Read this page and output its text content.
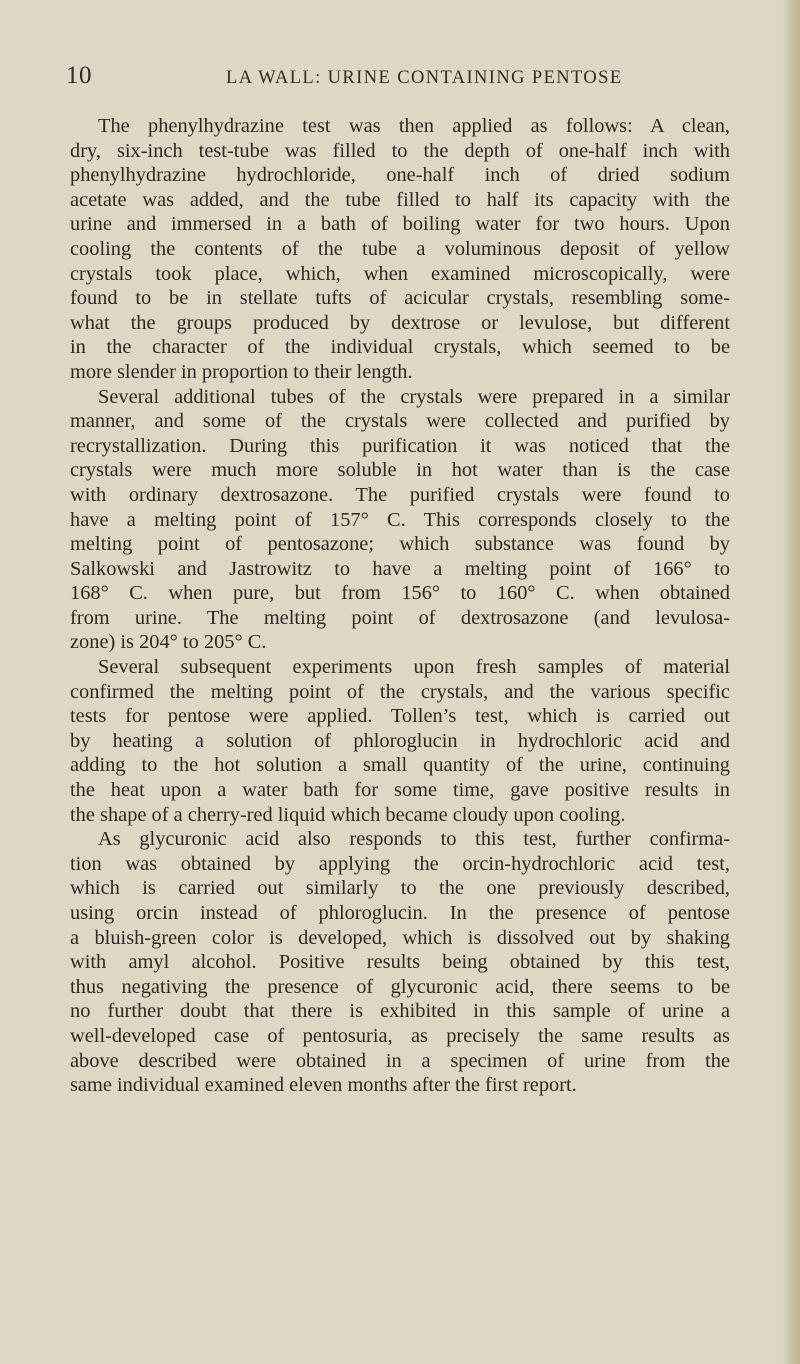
10	LA WALL: URINE CONTAINING PENTOSE
The phenylhydrazine test was then applied as follows: A clean,
dry, six-inch test-tube was filled to the depth of one-half inch with
phenylhydrazine hydrochloride, one-half inch of dried sodium
acetate was added, and the tube filled to half its capacity with the
urine and immersed in a bath of boiling water for two hours. Upon
cooling the contents of the tube a voluminous deposit of yellow
crystals took place, which, when examined microscopically, were
found to be in stellate tufts of acicular crystals, resembling some-
what the groups produced by dextrose or levulose, but different
in the character of the individual crystals, which seemed to be
more slender in proportion to their length.
Several additional tubes of the crystals were prepared in a similar
manner, and some of the crystals were collected and purified by
recrystallization. During this purification it was noticed that the
crystals were much more soluble in hot water than is the case
with ordinary dextrosazone. The purified crystals were found to
have a melting point of 157° C. This corresponds closely to the
melting point of pentosazone; which substance was found by
Salkowski and Jastrowitz to have a melting point of 166° to
168° C. when pure, but from 156° to 160° C. when obtained
from urine. The melting point of dextrosazone (and levulosa-
zone) is 204° to 205° C.
Several subsequent experiments upon fresh samples of material
confirmed the melting point of the crystals, and the various specific
tests for pentose were applied. Tollen’s test, which is carried out
by heating a solution of phloroglucin in hydrochloric acid and
adding to the hot solution a small quantity of the urine, continuing
the heat upon a water bath for some time, gave positive results in
the shape of a cherry-red liquid which became cloudy upon cooling.
As glycuronic acid also responds to this test, further confirma-
tion was obtained by applying the orcin-hydrochloric acid test,
which is carried out similarly to the one previously described,
using orcin instead of phloroglucin. In the presence of pentose
a bluish-green color is developed, which is dissolved out by shaking
with amyl alcohol. Positive results being obtained by this test,
thus negativing the presence of glycuronic acid, there seems to be
no further doubt that there is exhibited in this sample of urine a
well-developed case of pentosuria, as precisely the same results as
above described were obtained in a specimen of urine from the
same individual examined eleven months after the first report.
